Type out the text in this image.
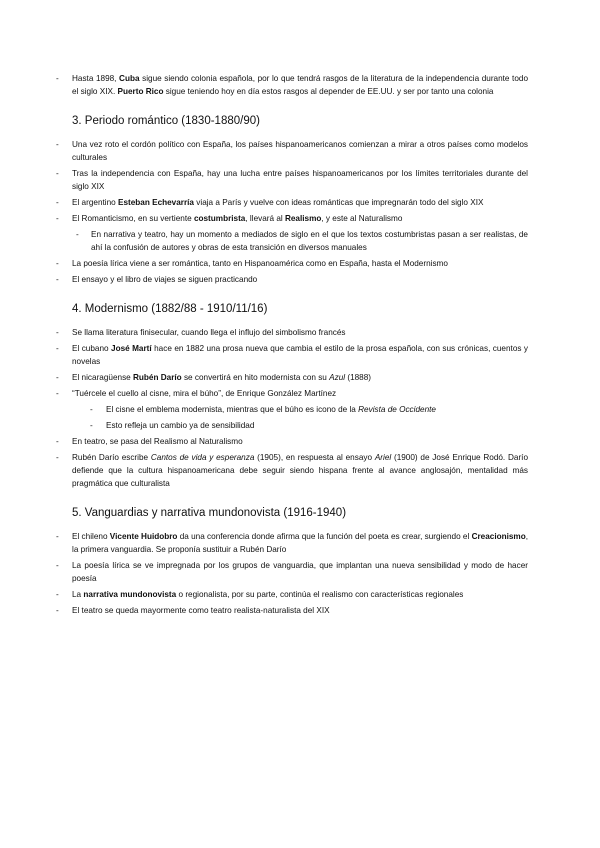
- Hasta 1898, Cuba sigue siendo colonia española, por lo que tendrá rasgos de la literatura de la independencia durante todo el siglo XIX. Puerto Rico sigue teniendo hoy en día estos rasgos al depender de EE.UU. y ser por tanto una colonia
3. Periodo romántico (1830-1880/90)
- Una vez roto el cordón político con España, los países hispanoamericanos comienzan a mirar a otros países como modelos culturales
- Tras la independencia con España, hay una lucha entre países hispanoamericanos por los límites territoriales durante del siglo XIX
- El argentino Esteban Echevarría viaja a París y vuelve con ideas románticas que impregnarán todo del siglo XIX
- El Romanticismo, en su vertiente costumbrista, llevará al Realismo, y este al Naturalismo
- En narrativa y teatro, hay un momento a mediados de siglo en el que los textos costumbristas pasan a ser realistas, de ahí la confusión de autores y obras de esta transición en diversos manuales
- La poesía lírica viene a ser romántica, tanto en Hispanoamérica como en España, hasta el Modernismo
- El ensayo y el libro de viajes se siguen practicando
4. Modernismo (1882/88 - 1910/11/16)
- Se llama literatura finisecular, cuando llega el influjo del simbolismo francés
- El cubano José Martí hace en 1882 una prosa nueva que cambia el estilo de la prosa española, con sus crónicas, cuentos y novelas
- El nicaragüense Rubén Darío se convertirá en hito modernista con su Azul (1888)
- “Tuércele el cuello al cisne, mira el búho”, de Enrique González Martínez
- El cisne el emblema modernista, mientras que el búho es icono de la Revista de Occidente
- Esto refleja un cambio ya de sensibilidad
- En teatro, se pasa del Realismo al Naturalismo
- Rubén Darío escribe Cantos de vida y esperanza (1905), en respuesta al ensayo Ariel (1900) de José Enrique Rodó. Darío defiende que la cultura hispanoamericana debe seguir siendo hispana frente al avance anglosajón, mentalidad más pragmática que culturalista
5. Vanguardias y narrativa mundonovista (1916-1940)
- El chileno Vicente Huidobro da una conferencia donde afirma que la función del poeta es crear, surgiendo el Creacionismo, la primera vanguardia. Se proponía sustituir a Rubén Darío
- La poesía lírica se ve impregnada por los grupos de vanguardia, que implantan una nueva sensibilidad y modo de hacer poesía
- La narrativa mundonovista o regionalista, por su parte, continúa el realismo con características regionales
- El teatro se queda mayormente como teatro realista-naturalista del XIX
